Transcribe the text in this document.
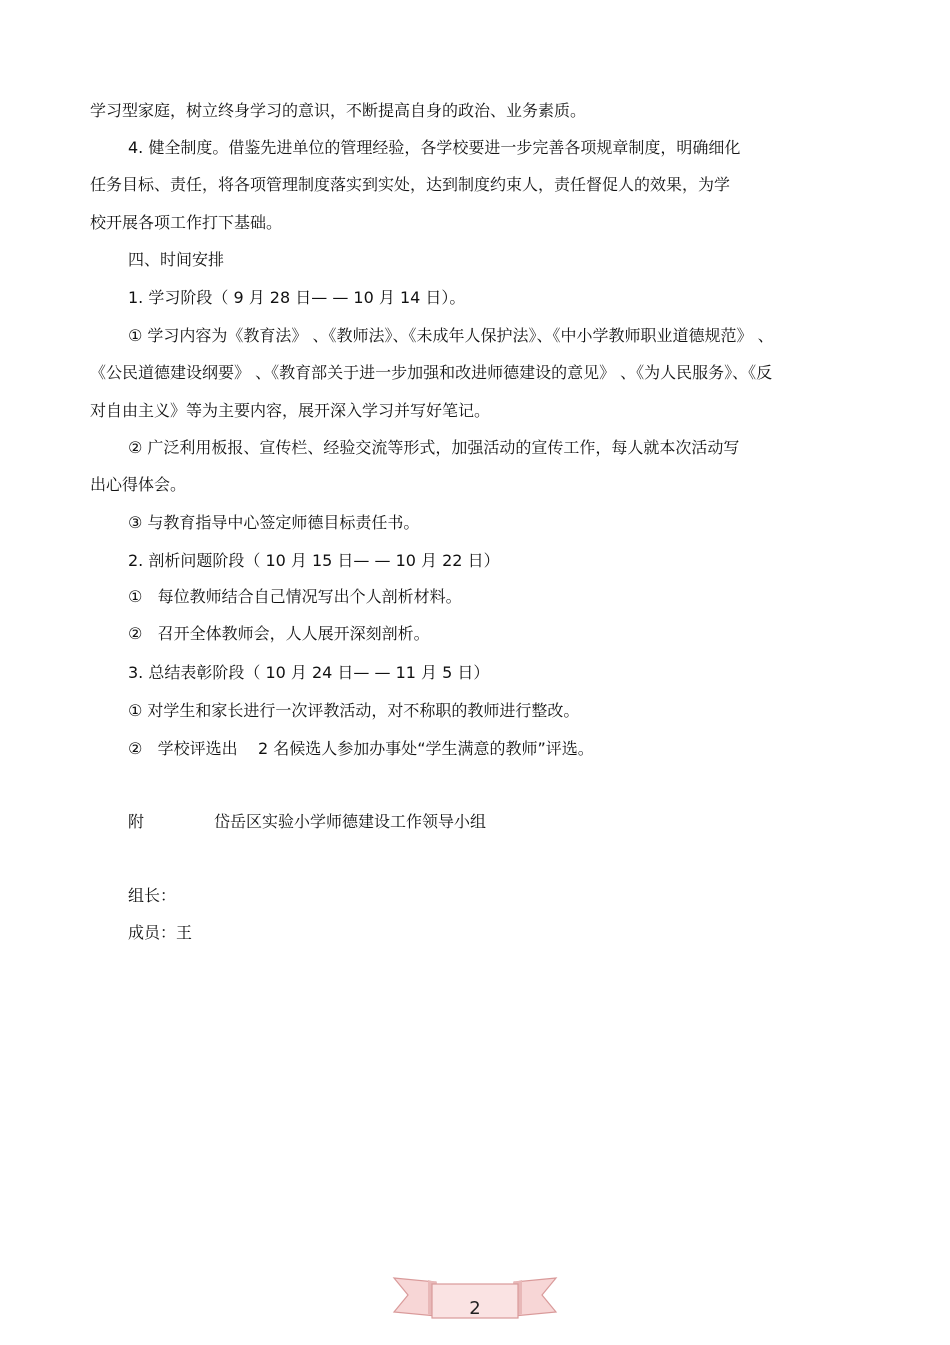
学习型家庭，树立终身学习的意识，不断提高自身的政治、业务素质。
4. 健全制度。借鉴先进单位的管理经验，各学校要进一步完善各项规章制度，明确细化
任务目标、责任，将各项管理制度落实到实处，达到制度约束人，责任督促人的效果，为学
校开展各项工作打下基础。
四、时间安排
1. 学习阶段（ 9 月 28 日— — 10 月 14 日）。
① 学习内容为《教育法》 、《教师法》、《未成年人保护法》、《中小学教师职业道德规范》 、
《公民道德建设纲要》 、《教育部关于进一步加强和改进师德建设的意见》 、《为人民服务》、《反
对自由主义》等为主要内容，展开深入学习并写好笔记。
② 广泛利用板报、宣传栏、经验交流等形式，加强活动的宣传工作，每人就本次活动写
出心得体会。
③ 与教育指导中心签定师德目标责任书。
2. 剖析问题阶段（ 10 月 15 日— — 10 月 22 日）
①   每位教师结合自己情况写出个人剖析材料。
②   召开全体教师会，人人展开深刻剖析。
3. 总结表彰阶段（ 10 月 24 日— — 11 月 5 日）
① 对学生和家长进行一次评教活动，对不称职的教师进行整改。
②   学校评选出    2 名候选人参加办事处“学生满意的教师”评选。
附	岱岳区实验小学师德建设工作领导小组
组长：
成员：王
2
